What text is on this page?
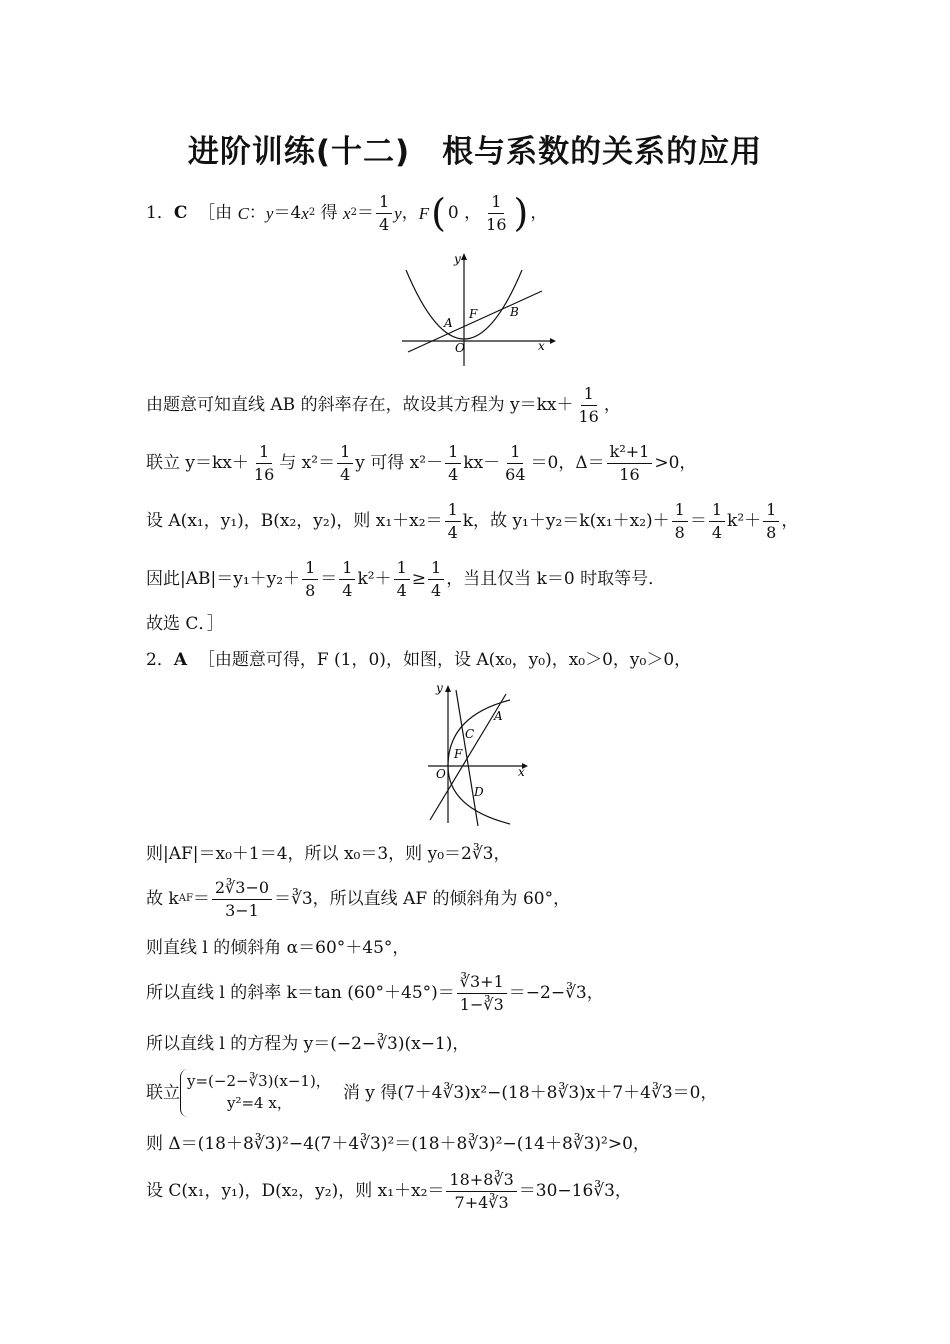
进阶训练(十二)　根与系数的关系的应用
1． C
［由 C ： y ＝4 x 2 得 x $2 = \frac{1}{4}$ y ， F ( 0 ， $\frac{1}{16}$ ) ，
y
x
O
A
B
F
由题意可知直线 AB 的斜率存在，故设其方程为 $y=kx+ \frac{1}{16}$ ，
联立 $y=kx+ \frac{1}{16}$ 与 $x^2= \frac{1}{4}$ y 可得 $x^2- \frac{1}{4} kx- \frac{1}{64} =0$，$\Delta= \frac{\text{k²+1}}{16} >0$，
设 A(x₁，y₁)，B(x₂，y₂)，则 $x_1+x_2= \frac{1}{4}$ k，故 $y_1+y_2=k(x_1+x_2)+ \frac{1}{8} = \frac{1}{4} k^2+ \frac{1}{8}$ ，
因此$|AB|=y_1+y_2+ \frac{1}{8} = \frac{1}{4} k^2+ \frac{1}{4} \ge \frac{1}{4}$ ，当且仅当 k＝0 时取等号．
故选 C．］
2． A
［由题意可得，F (1，0)，如图，设 A(x₀，y₀)，x₀＞0，y₀＞0，
y
x
O
A
C
F
D
则|AF|＝x₀＋1＝4，所以 x₀＝3，则 y₀＝2∛3，
故 k AF ＝ $\frac{2∛3-0}{3-1}$ ＝∛3，所以直线 AF 的倾斜角为 60°，
则直线 l 的倾斜角 α＝60°＋45°，
所以直线 l 的斜率 k＝tan $(60^\circ+45^\circ)= \frac{∛3+1}{1-∛3}$ ＝−2−∛3，
所以直线 l 的方程为 y＝(−2−∛3)(x−1)，
联立
y=(−2−∛3)(x−1)，
y²=4 x，
消 y 得(7＋4∛3)x²−(18＋8∛3)x＋7＋4∛3＝0，
则 Δ＝(18＋8∛3)²−4(7＋4∛3)²＝(18＋8∛3)²−(14＋8∛3)²>0，
设 C(x₁，y₁)，D(x₂，y₂)，则 $x_1+x_2= \frac{18+8∛3}{7+4∛3}$ ＝30−16∛3，
